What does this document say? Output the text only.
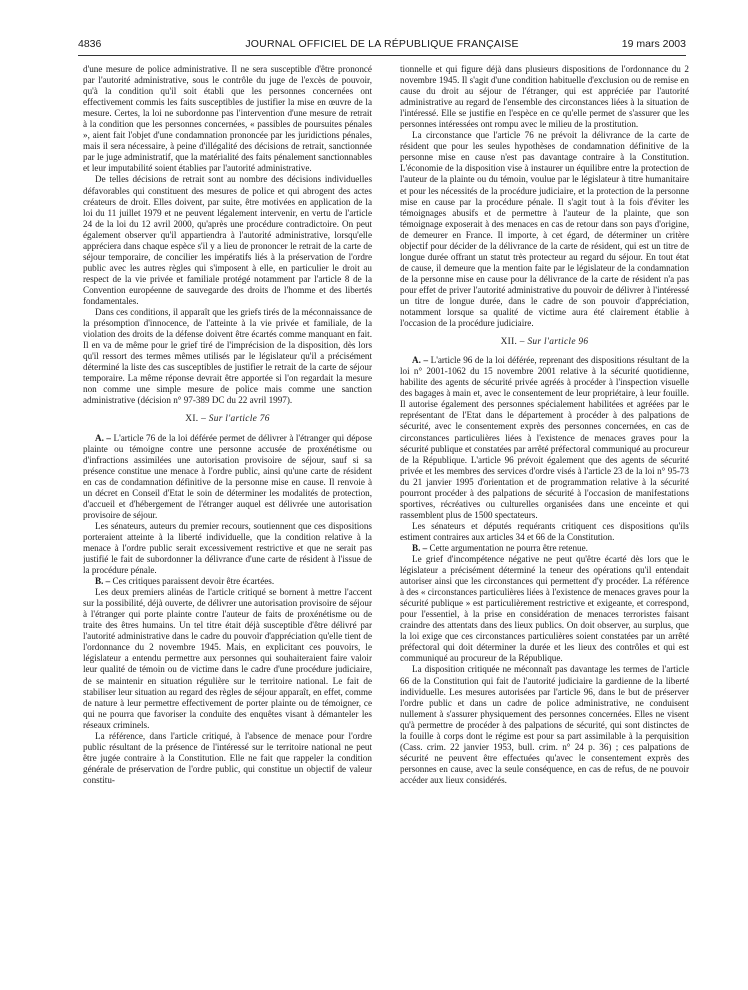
4836	JOURNAL OFFICIEL DE LA RÉPUBLIQUE FRANÇAISE	19 mars 2003

d'une mesure de police administrative. Il ne sera susceptible d'être prononcé par l'autorité administrative, sous le contrôle du juge de l'excès de pouvoir, qu'à la condition qu'il soit établi que les personnes concernées ont effectivement commis les faits susceptibles de justifier la mise en œuvre de la mesure. Certes, la loi ne subordonne pas l'intervention d'une mesure de retrait à la condition que les personnes concernées, « passibles de poursuites pénales », aient fait l'objet d'une condamnation prononcée par les juridictions pénales, mais il sera nécessaire, à peine d'illégalité des décisions de retrait, sanctionnée par le juge administratif, que la matérialité des faits pénalement sanctionnables et leur imputabilité soient établies par l'autorité administrative.

De telles décisions de retrait sont au nombre des décisions individuelles défavorables qui constituent des mesures de police et qui abrogent des actes créateurs de droit. Elles doivent, par suite, être motivées en application de la loi du 11 juillet 1979 et ne peuvent légalement intervenir, en vertu de l'article 24 de la loi du 12 avril 2000, qu'après une procédure contradictoire. On peut également observer qu'il appartiendra à l'autorité administrative, lorsqu'elle appréciera dans chaque espèce s'il y a lieu de prononcer le retrait de la carte de séjour temporaire, de concilier les impératifs liés à la préservation de l'ordre public avec les autres règles qui s'imposent à elle, en particulier le droit au respect de la vie privée et familiale protégé notamment par l'article 8 de la Convention européenne de sauvegarde des droits de l'homme et des libertés fondamentales.

Dans ces conditions, il apparaît que les griefs tirés de la méconnaissance de la présomption d'innocence, de l'atteinte à la vie privée et familiale, de la violation des droits de la défense doivent être écartés comme manquant en fait. Il en va de même pour le grief tiré de l'imprécision de la disposition, dès lors qu'il ressort des termes mêmes utilisés par le législateur qu'il a précisément déterminé la liste des cas susceptibles de justifier le retrait de la carte de séjour temporaire. La même réponse devrait être apportée si l'on regardait la mesure non comme une simple mesure de police mais comme une sanction administrative (décision n° 97-389 DC du 22 avril 1997).

XI. – Sur l'article 76

A. – L'article 76 de la loi déférée permet de délivrer à l'étranger qui dépose plainte ou témoigne contre une personne accusée de proxénétisme ou d'infractions assimilées une autorisation provisoire de séjour, sauf si sa présence constitue une menace à l'ordre public, ainsi qu'une carte de résident en cas de condamnation définitive de la personne mise en cause. Il renvoie à un décret en Conseil d'Etat le soin de déterminer les modalités de protection, d'accueil et d'hébergement de l'étranger auquel est délivrée une autorisation provisoire de séjour.

Les sénateurs, auteurs du premier recours, soutiennent que ces dispositions porteraient atteinte à la liberté individuelle, que la condition relative à la menace à l'ordre public serait excessivement restrictive et que ne serait pas justifié le fait de subordonner la délivrance d'une carte de résident à l'issue de la procédure pénale.

B. – Ces critiques paraissent devoir être écartées.

Les deux premiers alinéas de l'article critiqué se bornent à mettre l'accent sur la possibilité, déjà ouverte, de délivrer une autorisation provisoire de séjour à l'étranger qui porte plainte contre l'auteur de faits de proxénétisme ou de traite des êtres humains. Un tel titre était déjà susceptible d'être délivré par l'autorité administrative dans le cadre du pouvoir d'appréciation qu'elle tient de l'ordonnance du 2 novembre 1945. Mais, en explicitant ces pouvoirs, le législateur a entendu permettre aux personnes qui souhaiteraient faire valoir leur qualité de témoin ou de victime dans le cadre d'une procédure judiciaire, de se maintenir en situation régulière sur le territoire national. Le fait de stabiliser leur situation au regard des règles de séjour apparaît, en effet, comme de nature à leur permettre effectivement de porter plainte ou de témoigner, ce qui ne pourra que favoriser la conduite des enquêtes visant à démanteler les réseaux criminels.

La référence, dans l'article critiqué, à l'absence de menace pour l'ordre public résultant de la présence de l'intéressé sur le territoire national ne peut être jugée contraire à la Constitution. Elle ne fait que rappeler la condition générale de préservation de l'ordre public, qui constitue un objectif de valeur constitu-

tionnelle et qui figure déjà dans plusieurs dispositions de l'ordonnance du 2 novembre 1945. Il s'agit d'une condition habituelle d'exclusion ou de remise en cause du droit au séjour de l'étranger, qui est appréciée par l'autorité administrative au regard de l'ensemble des circonstances liées à la situation de l'intéressé. Elle se justifie en l'espèce en ce qu'elle permet de s'assurer que les personnes intéressées ont rompu avec le milieu de la prostitution.

La circonstance que l'article 76 ne prévoit la délivrance de la carte de résident que pour les seules hypothèses de condamnation définitive de la personne mise en cause n'est pas davantage contraire à la Constitution. L'économie de la disposition vise à instaurer un équilibre entre la protection de l'auteur de la plainte ou du témoin, voulue par le législateur à titre humanitaire et pour les nécessités de la procédure judiciaire, et la protection de la personne mise en cause par la procédure pénale. Il s'agit tout à la fois d'éviter les témoignages abusifs et de permettre à l'auteur de la plainte, que son témoignage exposerait à des menaces en cas de retour dans son pays d'origine, de demeurer en France. Il importe, à cet égard, de déterminer un critère objectif pour décider de la délivrance de la carte de résident, qui est un titre de longue durée offrant un statut très protecteur au regard du séjour. En tout état de cause, il demeure que la mention faite par le législateur de la condamnation de la personne mise en cause pour la délivrance de la carte de résident n'a pas pour effet de priver l'autorité administrative du pouvoir de délivrer à l'intéressé un titre de longue durée, dans le cadre de son pouvoir d'appréciation, notamment lorsque sa qualité de victime aura été clairement établie à l'occasion de la procédure judiciaire.

XII. – Sur l'article 96

A. – L'article 96 de la loi déférée, reprenant des dispositions résultant de la loi n° 2001-1062 du 15 novembre 2001 relative à la sécurité quotidienne, habilite des agents de sécurité privée agréés à procéder à l'inspection visuelle des bagages à main et, avec le consentement de leur propriétaire, à leur fouille. Il autorise également des personnes spécialement habilitées et agréées par le représentant de l'Etat dans le département à procéder à des palpations de sécurité, avec le consentement exprès des personnes concernées, en cas de circonstances particulières liées à l'existence de menaces graves pour la sécurité publique et constatées par arrêté préfectoral communiqué au procureur de la République. L'article 96 prévoit également que des agents de sécurité privée et les membres des services d'ordre visés à l'article 23 de la loi n° 95-73 du 21 janvier 1995 d'orientation et de programmation relative à la sécurité pourront procéder à des palpations de sécurité à l'occasion de manifestations sportives, récréatives ou culturelles organisées dans une enceinte et qui rassemblent plus de 1500 spectateurs.

Les sénateurs et députés requérants critiquent ces dispositions qu'ils estiment contraires aux articles 34 et 66 de la Constitution.

B. – Cette argumentation ne pourra être retenue.

Le grief d'incompétence négative ne peut qu'être écarté dès lors que le législateur a précisément déterminé la teneur des opérations qu'il entendait autoriser ainsi que les circonstances qui permettent d'y procéder. La référence à des « circonstances particulières liées à l'existence de menaces graves pour la sécurité publique » est particulièrement restrictive et exigeante, et correspond, pour l'essentiel, à la prise en considération de menaces terroristes faisant craindre des attentats dans des lieux publics. On doit observer, au surplus, que la loi exige que ces circonstances particulières soient constatées par un arrêté préfectoral qui doit déterminer la durée et les lieux des contrôles et qui est communiqué au procureur de la République.

La disposition critiquée ne méconnaît pas davantage les termes de l'article 66 de la Constitution qui fait de l'autorité judiciaire la gardienne de la liberté individuelle. Les mesures autorisées par l'article 96, dans le but de préserver l'ordre public et dans un cadre de police administrative, ne conduisent nullement à s'assurer physiquement des personnes concernées. Elles ne visent qu'à permettre de procéder à des palpations de sécurité, qui sont distinctes de la fouille à corps dont le régime est pour sa part assimilable à la perquisition (Cass. crim. 22 janvier 1953, bull. crim. n° 24 p. 36) ; ces palpations de sécurité ne peuvent être effectuées qu'avec le consentement exprès des personnes en cause, avec la seule conséquence, en cas de refus, de ne pouvoir accéder aux lieux considérés.
